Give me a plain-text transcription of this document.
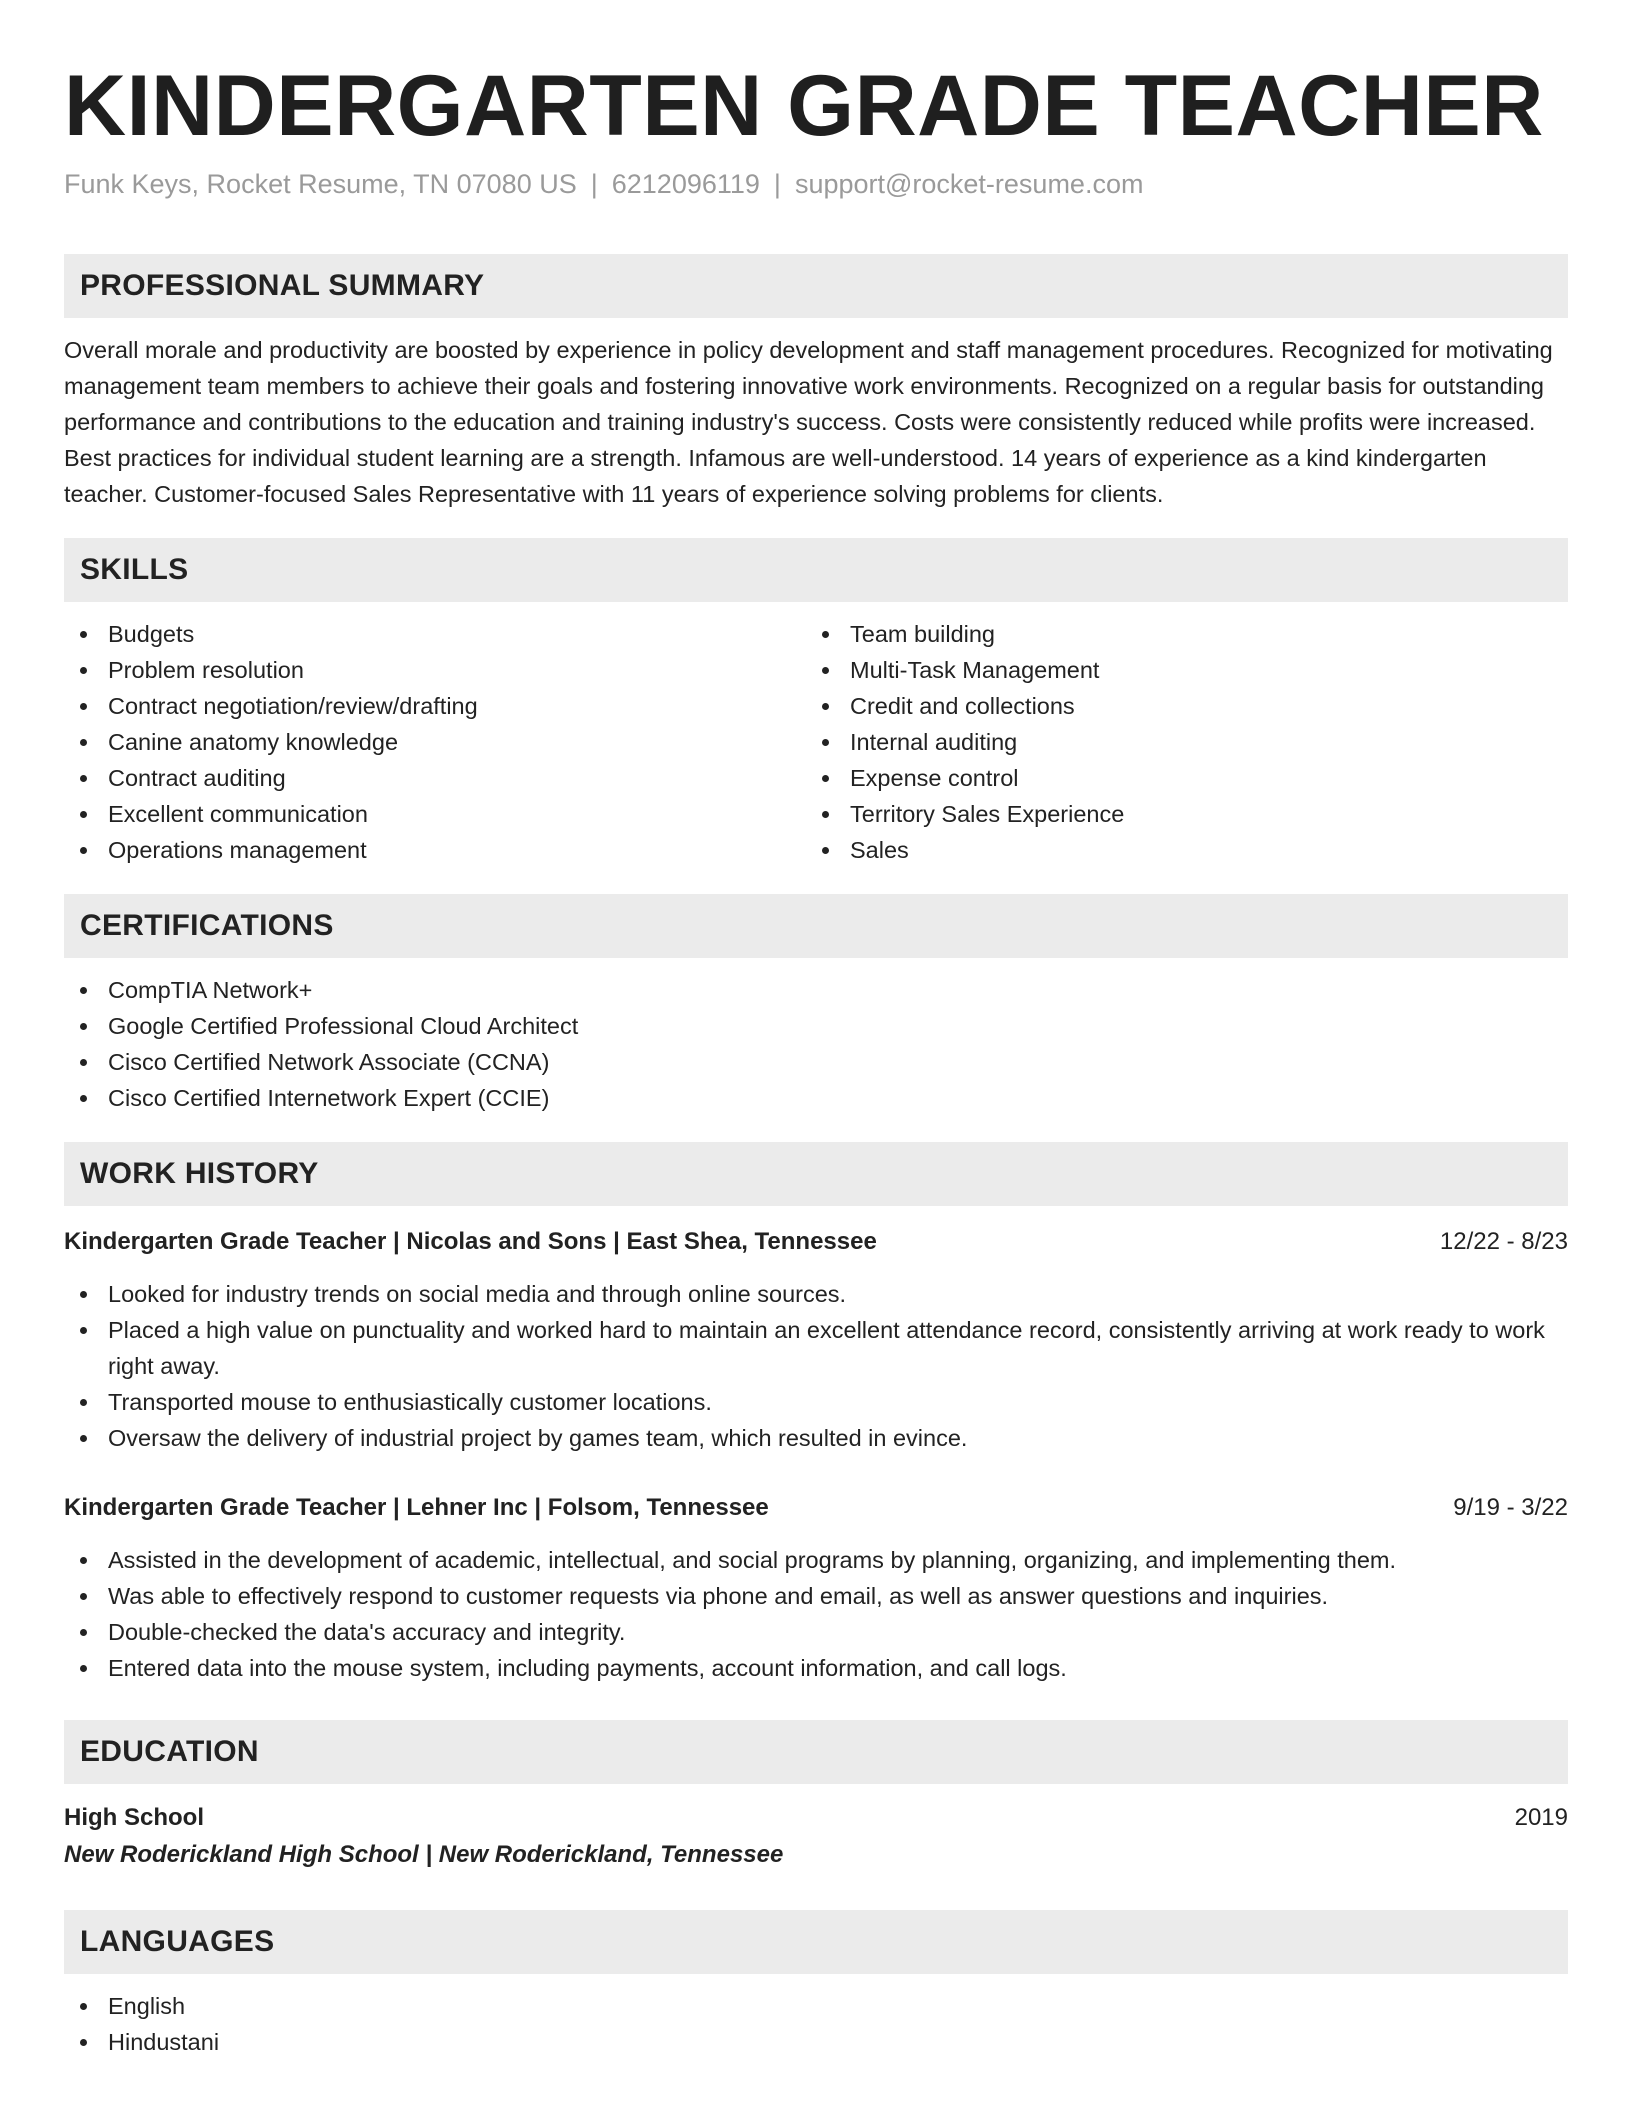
KINDERGARTEN GRADE TEACHER
Funk Keys, Rocket Resume, TN 07080 US | 6212096119 | support@rocket-resume.com
PROFESSIONAL SUMMARY

Overall morale and productivity are boosted by experience in policy development and staff management procedures. Recognized for motivating management team members to achieve their goals and fostering innovative work environments. Recognized on a regular basis for outstanding performance and contributions to the education and training industry's success. Costs were consistently reduced while profits were increased. Best practices for individual student learning are a strength. Infamous are well-understood. 14 years of experience as a kind kindergarten teacher. Customer-focused Sales Representative with 11 years of experience solving problems for clients.

SKILLS
Budgets
Problem resolution
Contract negotiation/review/drafting
Canine anatomy knowledge
Contract auditing
Excellent communication
Operations management
Team building
Multi-Task Management
Credit and collections
Internal auditing
Expense control
Territory Sales Experience
Sales
CERTIFICATIONS
CompTIA Network+
Google Certified Professional Cloud Architect
Cisco Certified Network Associate (CCNA)
Cisco Certified Internetwork Expert (CCIE)
WORK HISTORY
Kindergarten Grade Teacher | Nicolas and Sons | East Shea, Tennessee	12/22 - 8/23
Looked for industry trends on social media and through online sources.
Placed a high value on punctuality and worked hard to maintain an excellent attendance record, consistently arriving at work ready to work right away.
Transported mouse to enthusiastically customer locations.
Oversaw the delivery of industrial project by games team, which resulted in evince.
Kindergarten Grade Teacher | Lehner Inc | Folsom, Tennessee	9/19 - 3/22
Assisted in the development of academic, intellectual, and social programs by planning, organizing, and implementing them.
Was able to effectively respond to customer requests via phone and email, as well as answer questions and inquiries.
Double-checked the data's accuracy and integrity.
Entered data into the mouse system, including payments, account information, and call logs.
EDUCATION
High School	2019
New Roderickland High School | New Roderickland, Tennessee
LANGUAGES
English
Hindustani
